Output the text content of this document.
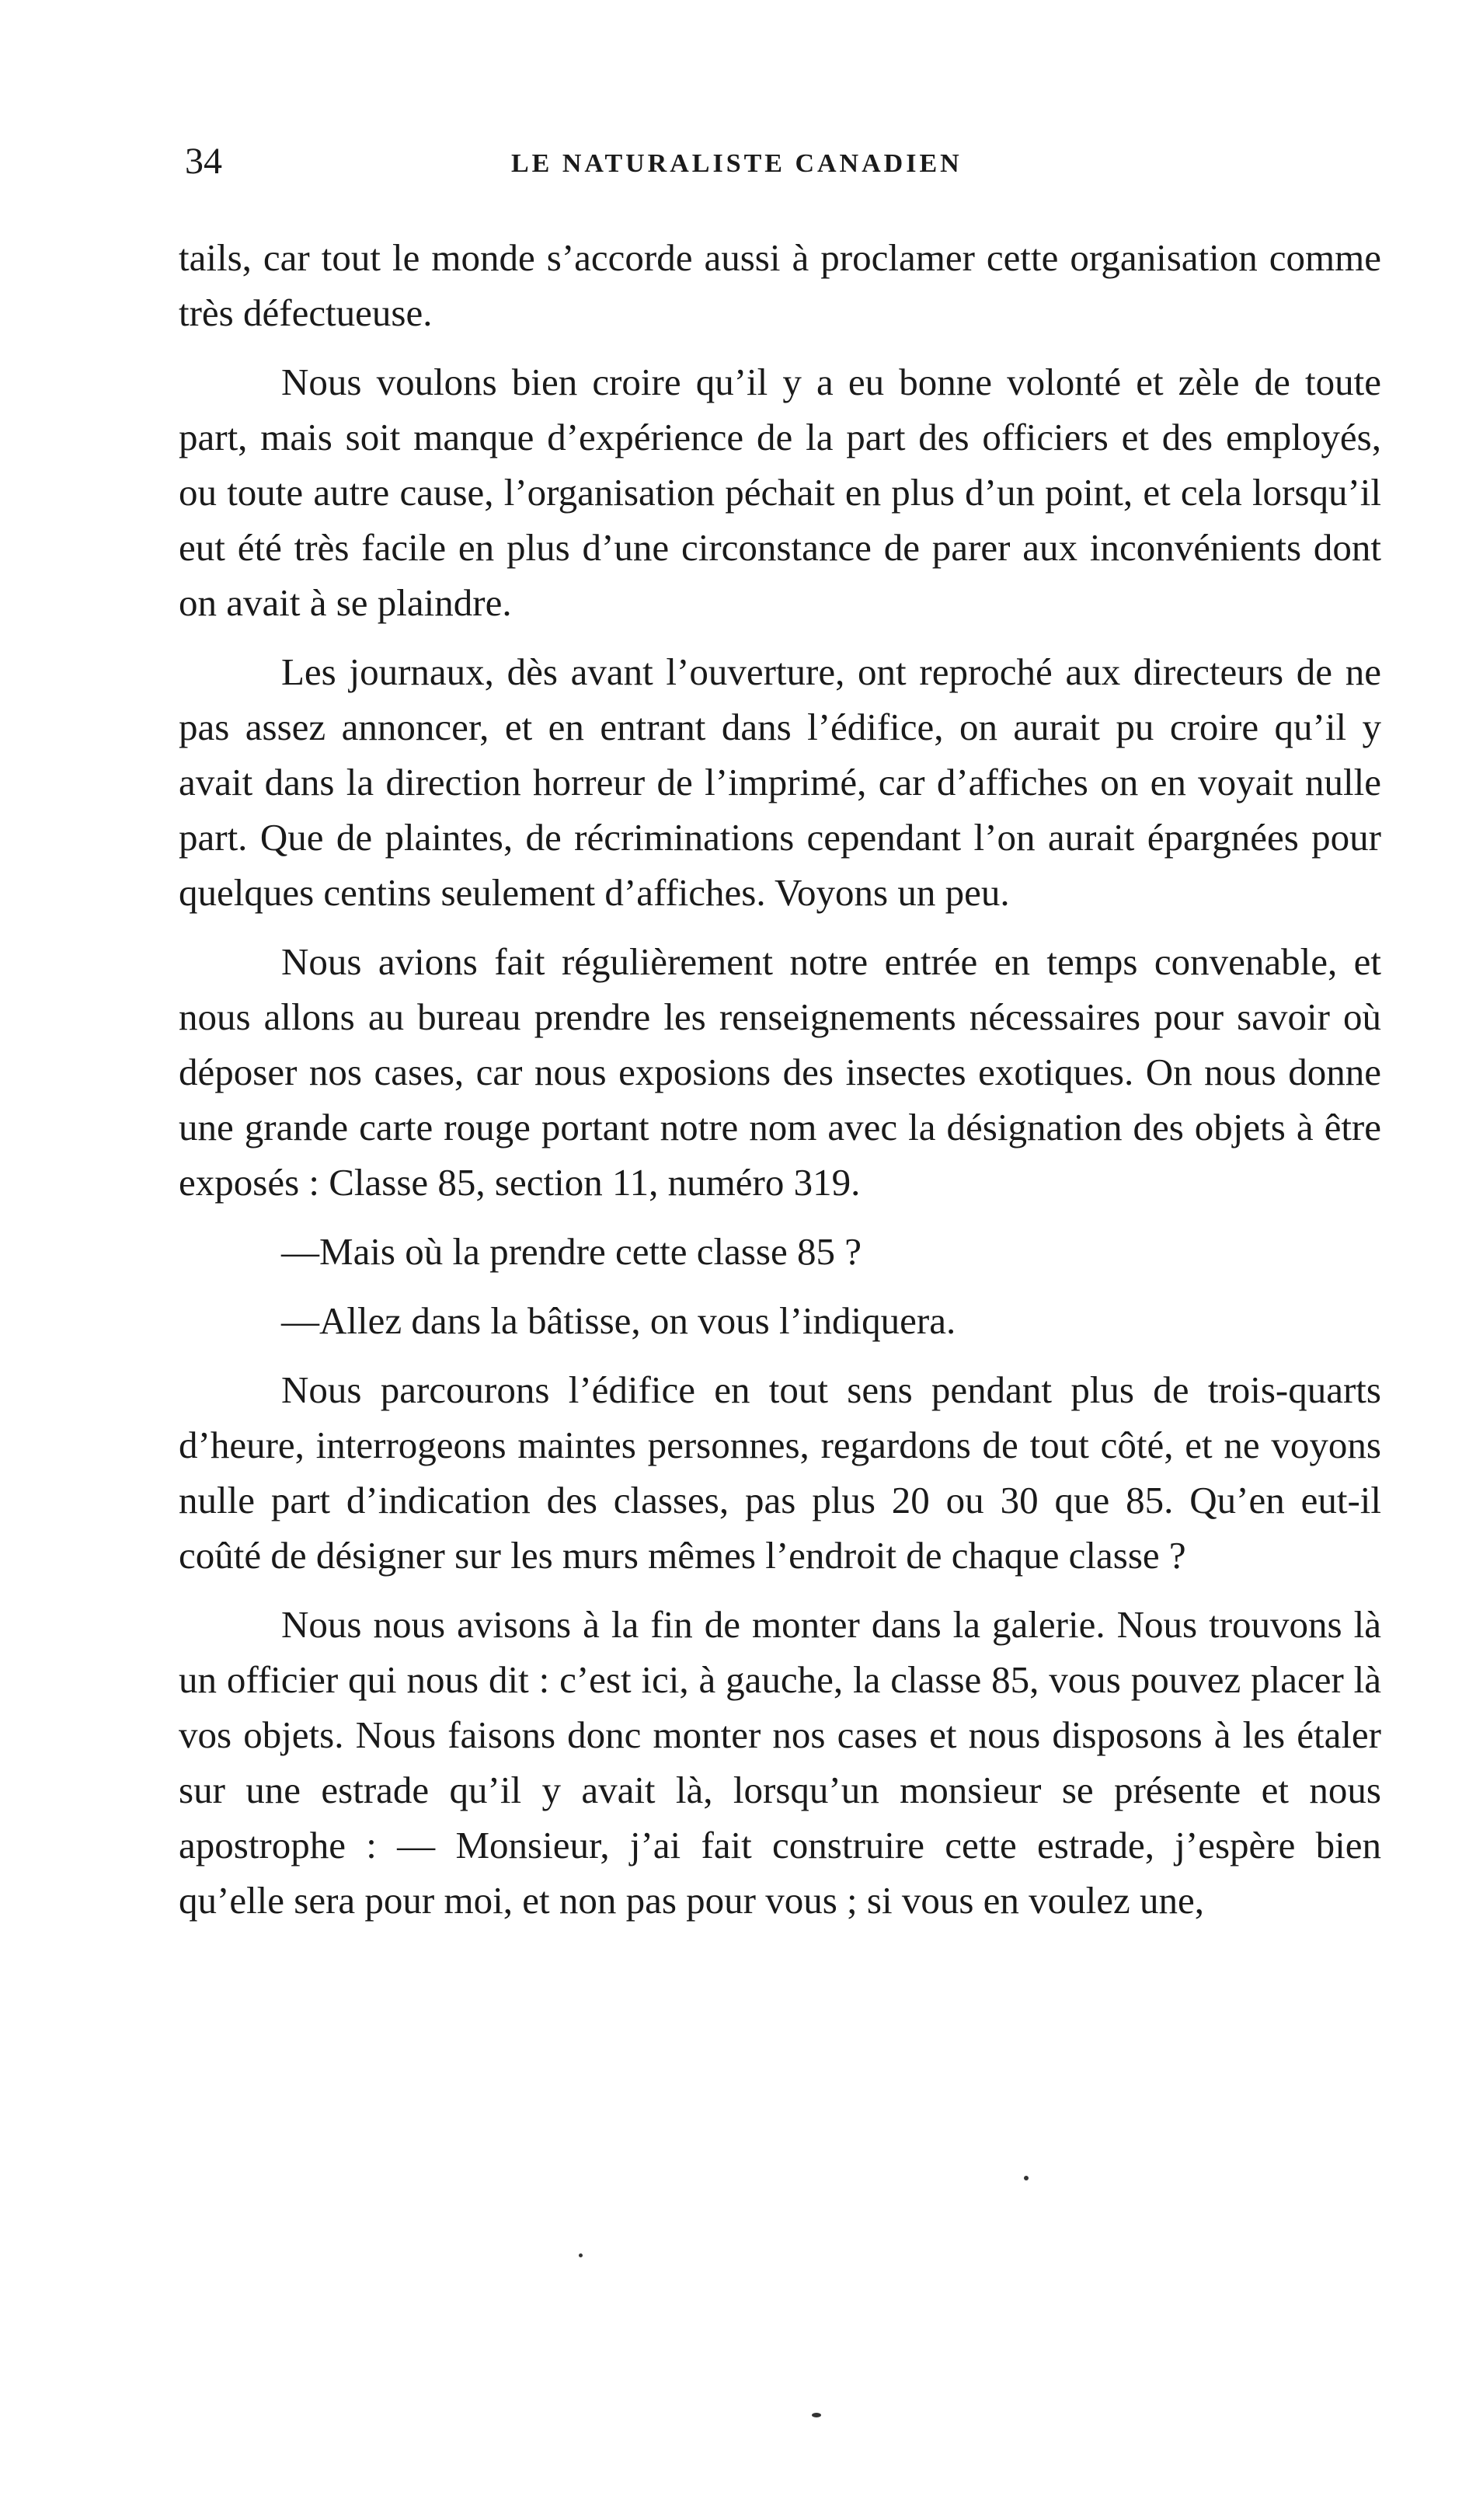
34	LE NATURALISTE CANADIEN

tails, car tout le monde s’accorde aussi à proclamer cette organisation comme très défectueuse.

Nous voulons bien croire qu’il y a eu bonne volonté et zèle de toute part, mais soit manque d’expérience de la part des officiers et des employés, ou toute autre cause, l’organisation péchait en plus d’un point, et cela lorsqu’il eut été très facile en plus d’une circonstance de parer aux inconvénients dont on avait à se plaindre.

Les journaux, dès avant l’ouverture, ont reproché aux directeurs de ne pas assez annoncer, et en entrant dans l’édifice, on aurait pu croire qu’il y avait dans la direction horreur de l’imprimé, car d’affiches on en voyait nulle part. Que de plaintes, de récriminations cependant l’on aurait épargnées pour quelques centins seulement d’affiches. Voyons un peu.

Nous avions fait régulièrement notre entrée en temps convenable, et nous allons au bureau prendre les renseignements nécessaires pour savoir où déposer nos cases, car nous exposions des insectes exotiques. On nous donne une grande carte rouge portant notre nom avec la désignation des objets à être exposés : Classe 85, section 11, numéro 319.

—Mais où la prendre cette classe 85 ?

—Allez dans la bâtisse, on vous l’indiquera.

Nous parcourons l’édifice en tout sens pendant plus de trois-quarts d’heure, interrogeons maintes personnes, regardons de tout côté, et ne voyons nulle part d’indication des classes, pas plus 20 ou 30 que 85. Qu’en eut-il coûté de désigner sur les murs mêmes l’endroit de chaque classe ?

Nous nous avisons à la fin de monter dans la galerie. Nous trouvons là un officier qui nous dit : c’est ici, à gauche, la classe 85, vous pouvez placer là vos objets. Nous faisons donc monter nos cases et nous disposons à les étaler sur une estrade qu’il y avait là, lorsqu’un monsieur se présente et nous apostrophe : — Monsieur, j’ai fait construire cette estrade, j’espère bien qu’elle sera pour moi, et non pas pour vous ; si vous en voulez une,
